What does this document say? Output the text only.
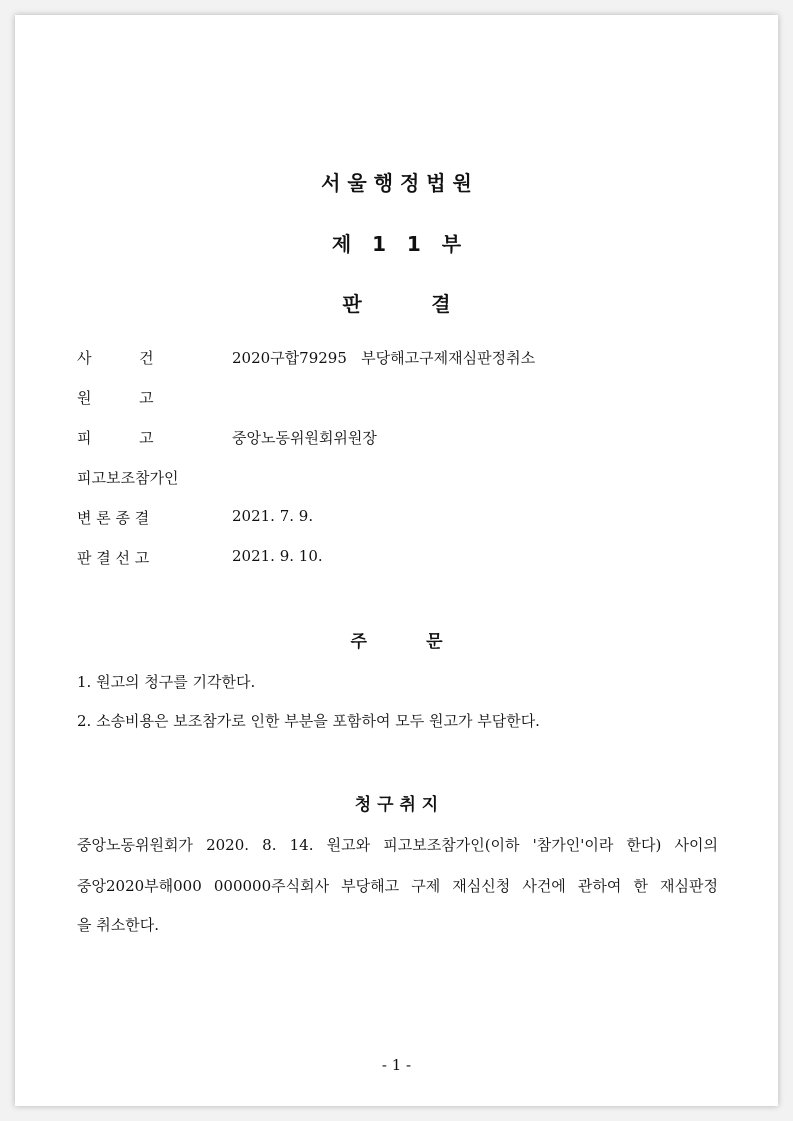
서 울 행 정 법 원
제   1   1   부
판          결
사          건	2020구합79295   부당해고구제재심판정취소
원          고
피          고	중앙노동위원회위원장
피고보조참가인
변 론 종 결	2021. 7. 9.
판 결 선 고	2021. 9. 10.
주          문
1. 원고의 청구를 기각한다.
2. 소송비용은 보조참가로 인한 부분을 포함하여 모두 원고가 부담한다.
청 구 취 지
중앙노동위원회가 2020. 8. 14. 원고와 피고보조참가인(이하 '참가인'이라 한다) 사이의
중앙2020부해000 000000주식회사 부당해고 구제 재심신청 사건에 관하여 한 재심판정
을 취소한다.
- 1 -
